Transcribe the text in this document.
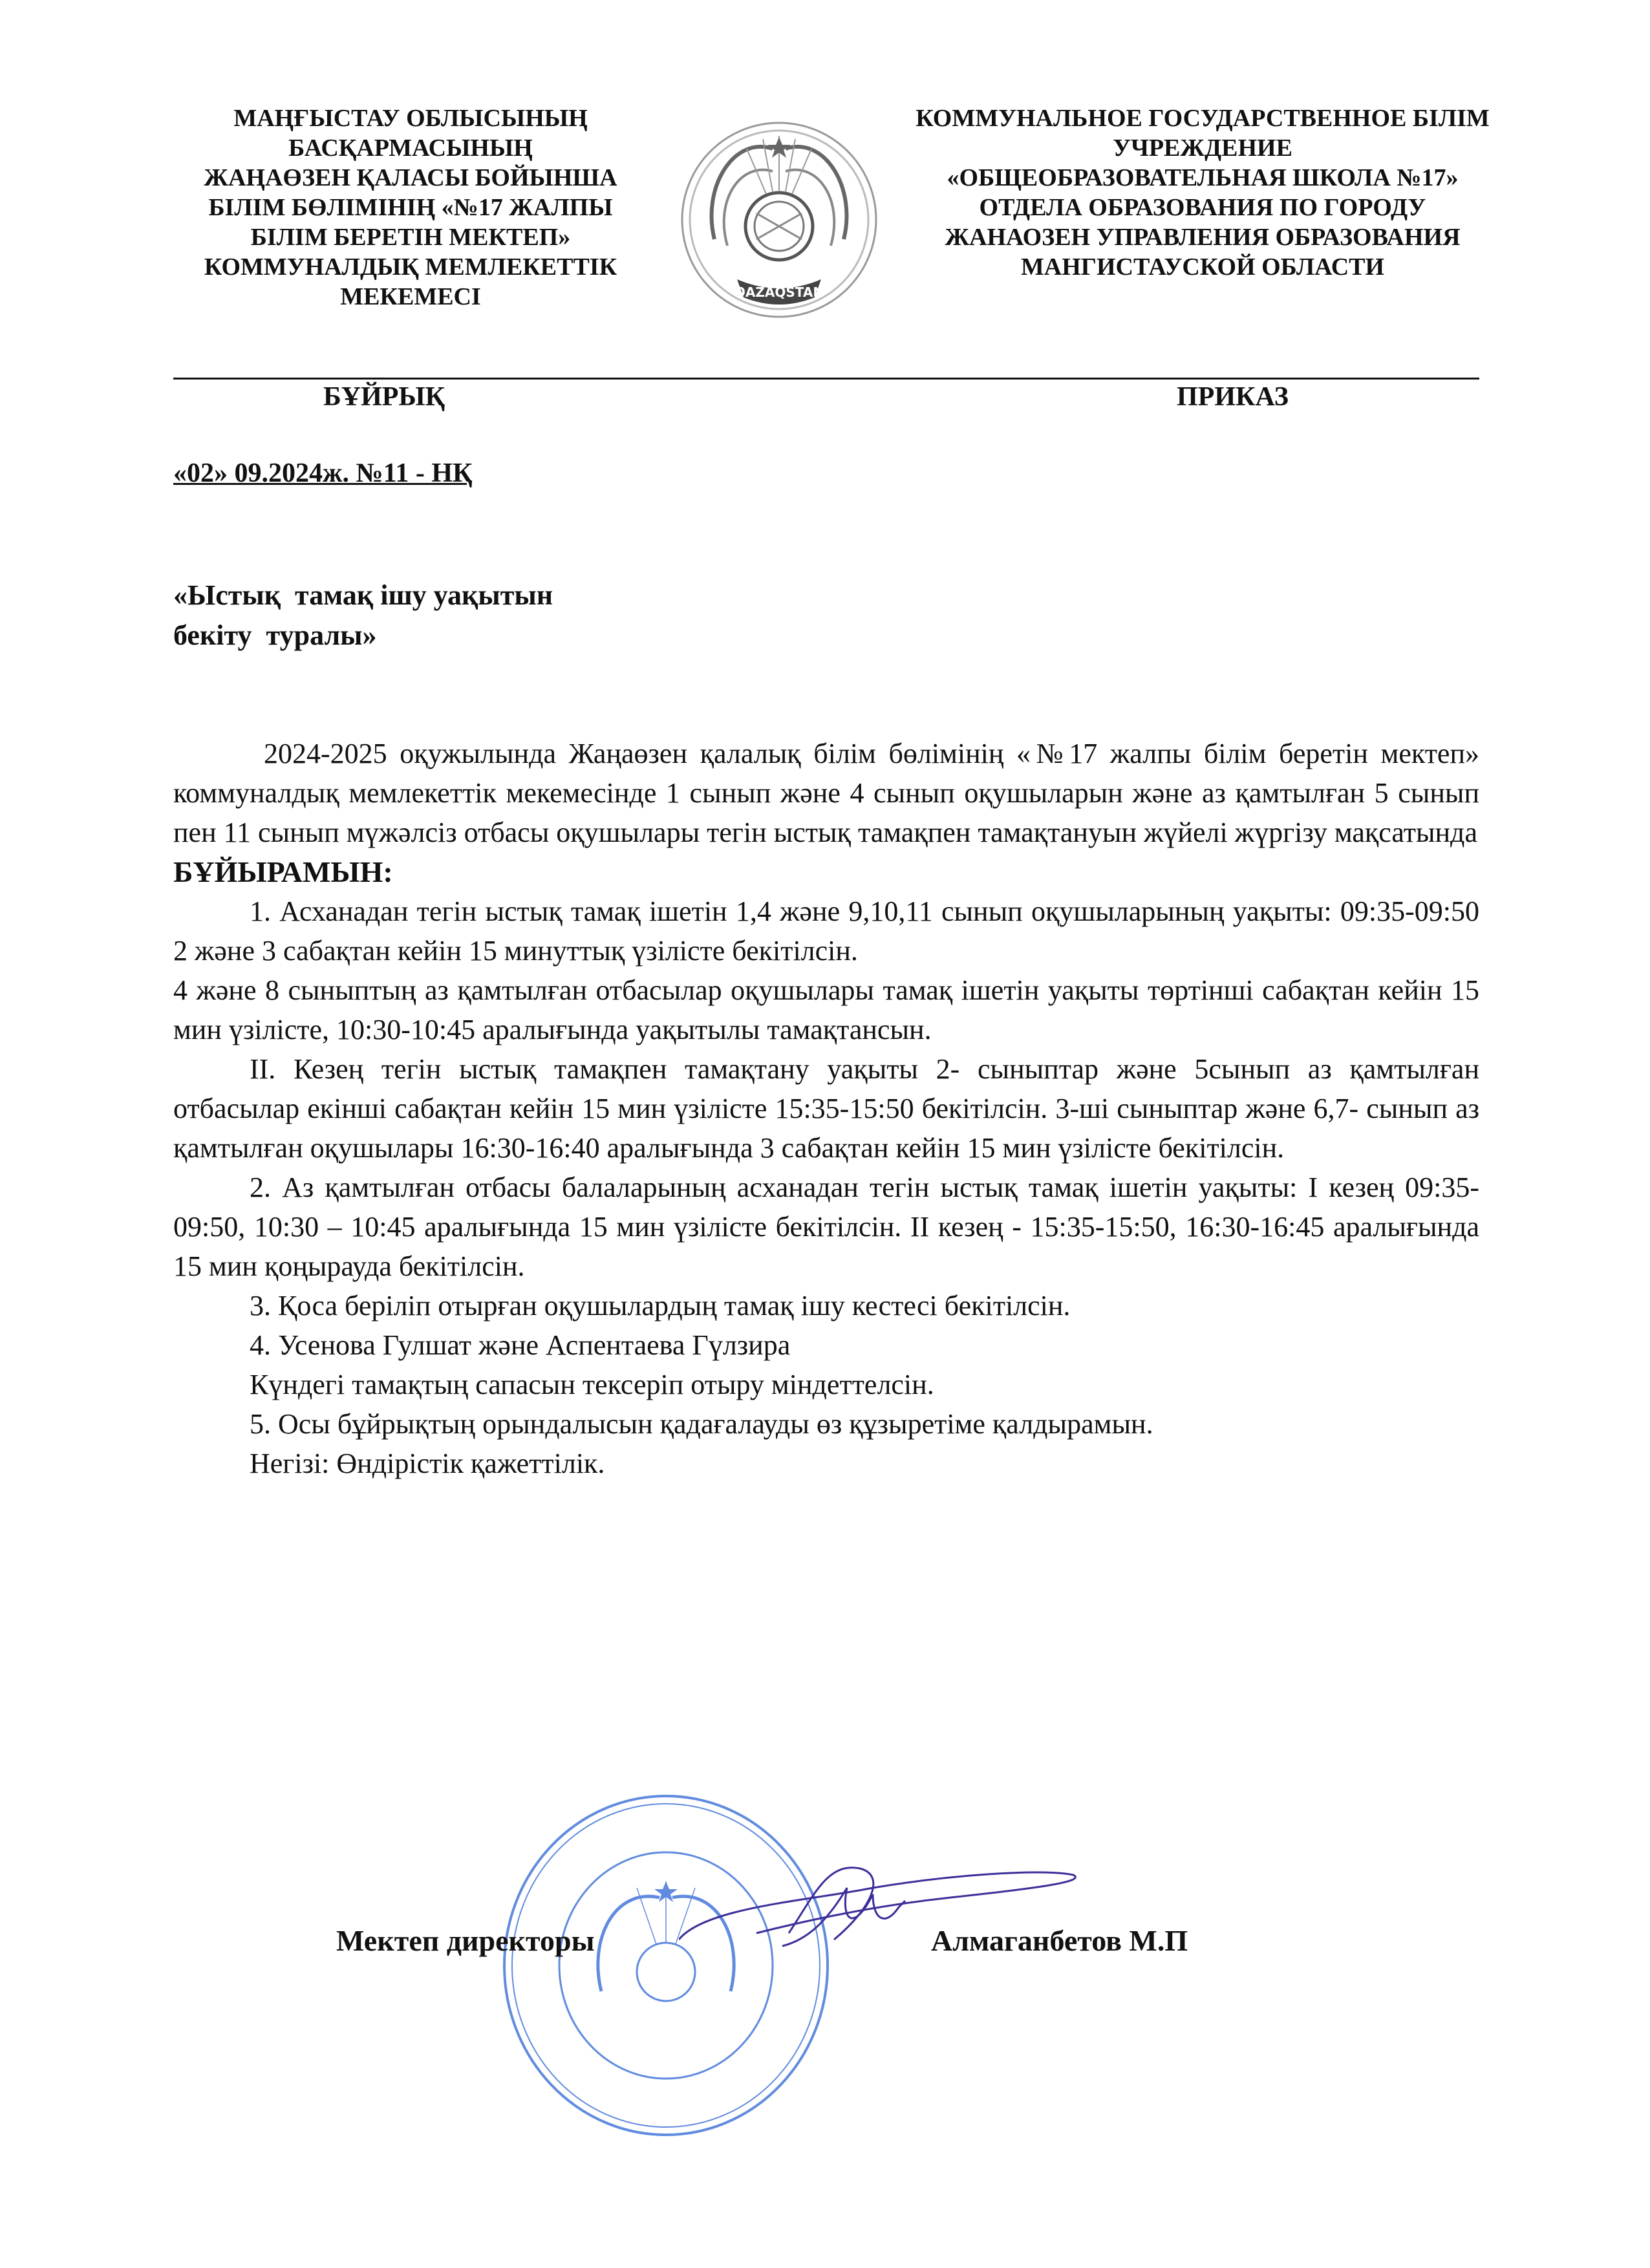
МАҢҒЫСТАУ ОБЛЫСЫНЫҢ
БАСҚАРМАСЫНЫҢ
ЖАҢАӨЗЕН ҚАЛАСЫ БОЙЫНША
БІЛІМ БӨЛІМІНІҢ «№17 ЖАЛПЫ
БІЛІМ БЕРЕТІН МЕКТЕП»
КОММУНАЛДЫҚ МЕМЛЕКЕТТІК
МЕКЕМЕСІ	QAZAQSTAN
КОММУНАЛЬНОЕ ГОСУДАРСТВЕННОЕ БІЛІМ
УЧРЕЖДЕНИЕ
«ОБЩЕОБРАЗОВАТЕЛЬНАЯ ШКОЛА №17»
ОТДЕЛА ОБРАЗОВАНИЯ ПО ГОРОДУ
ЖАНАОЗЕН УПРАВЛЕНИЯ ОБРАЗОВАНИЯ
МАНГИСТАУСКОЙ ОБЛАСТИ
БҰЙРЫҚ	ПРИКАЗ
«02» 09.2024ж. №11 - НҚ
«Ыстық  тамақ ішу уақытын
бекіту  туралы»

2024-2025 оқужылында Жаңаөзен қалалық білім бөлімінің «№17 жалпы білім беретін мектеп» коммуналдық мемлекеттік мекемесінде 1 сынып және 4 сынып оқушыларын және аз қамтылған 5 сынып пен 11 сынып мүжәлсіз отбасы оқушылары тегін ыстық тамақпен тамақтануын жүйелі жүргізу мақсатында

БҰЙЫРАМЫН:

1. Асханадан тегін ыстық тамақ ішетін 1,4 және 9,10,11 сынып оқушыларының уақыты: 09:35-09:50 2 және 3 сабақтан кейін 15 минуттық үзілісте бекітілсін.

4 және 8 сыныптың аз қамтылған отбасылар оқушылары тамақ ішетін уақыты төртінші сабақтан кейін 15 мин үзілісте, 10:30-10:45 аралығында уақытылы тамақтансын.

II. Кезең тегін ыстық тамақпен тамақтану уақыты 2- сыныптар және 5сынып аз қамтылған отбасылар екінші сабақтан кейін 15 мин үзілісте 15:35-15:50 бекітілсін. 3-ші сыныптар және 6,7- сынып аз қамтылған оқушылары 16:30-16:40 аралығында 3 сабақтан кейін 15 мин үзілісте бекітілсін.

2. Аз қамтылған отбасы балаларының асханадан тегін ыстық тамақ ішетін уақыты: I кезең 09:35-09:50, 10:30 – 10:45 аралығында 15 мин үзілісте бекітілсін. II кезең - 15:35-15:50, 16:30-16:45 аралығында 15 мин қоңырауда бекітілсін.

3. Қоса беріліп отырған оқушылардың тамақ ішу кестесі бекітілсін.

4. Усенова Гулшат және Аспентаева Гүлзира

Күндегі тамақтың сапасын тексеріп отыру міндеттелсін.

5. Осы бұйрықтың орындалысын қадағалауды өз құзыретіме қалдырамын.

Негізі: Өндірістік қажеттілік.

Мектеп директоры	Алмаганбетов М.П
